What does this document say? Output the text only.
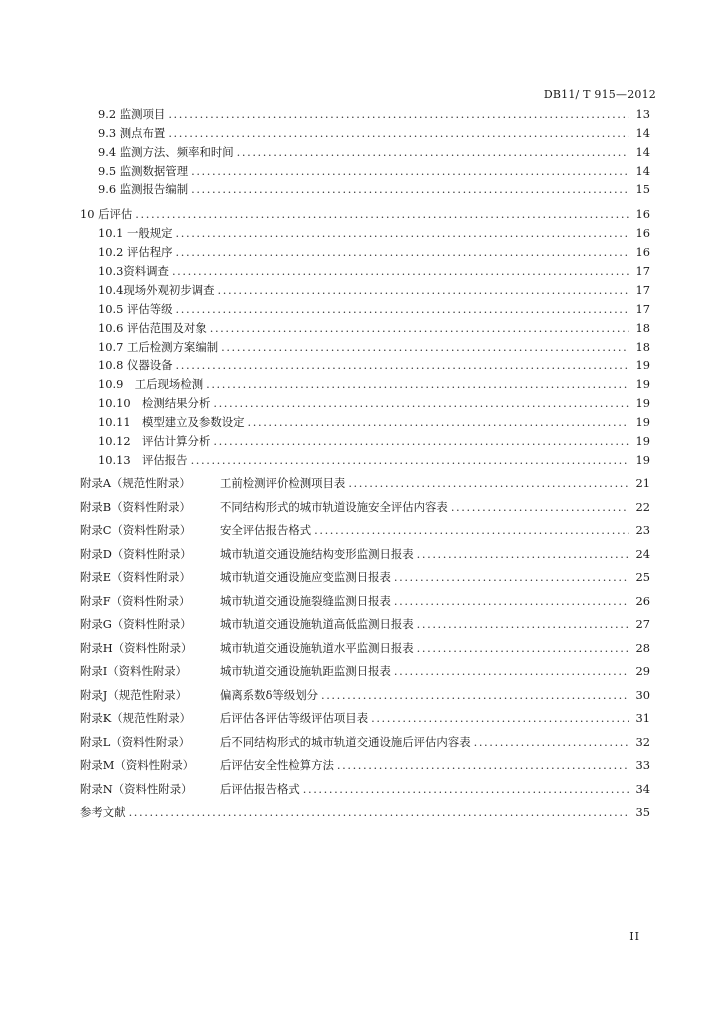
DB11/ T 915—2012
9.2 监测项目 .....	13
9.3 测点布置 .....	14
9.4 监测方法、频率和时间 .....	14
9.5 监测数据管理 .....	14
9.6 监测报告编制 .....	15
10 后评估 .....	16
10.1 一般规定 .....	16
10.2 评估程序 .....	16
10.3资料调查 .....	17
10.4现场外观初步调查 .....	17
10.5 评估等级 .....	17
10.6 评估范围及对象 .....	18
10.7 工后检测方案编制 .....	18
10.8 仪器设备 .....	19
10.9　工后现场检测 .....	19
10.10　检测结果分析 .....	19
10.11　模型建立及参数设定 .....	19
10.12　评估计算分析 .....	19
10.13　评估报告 .....	19
附录A（规范性附录）	工前检测评价检测项目表 .....	21
附录B（资料性附录）	不同结构形式的城市轨道设施安全评估内容表 .....	22
附录C（资料性附录）	安全评估报告格式 .....	23
附录D（资料性附录）	城市轨道交通设施结构变形监测日报表 .....	24
附录E（资料性附录）	城市轨道交通设施应变监测日报表 .....	25
附录F（资料性附录）	城市轨道交通设施裂缝监测日报表 .....	26
附录G（资料性附录）	城市轨道交通设施轨道高低监测日报表 .....	27
附录H（资料性附录）	城市轨道交通设施轨道水平监测日报表 .....	28
附录I（资料性附录）	城市轨道交通设施轨距监测日报表 .....	29
附录J（规范性附录）	偏离系数δ等级划分 .....	30
附录K（规范性附录）	后评估各评估等级评估项目表 .....	31
附录L（资料性附录）	后不同结构形式的城市轨道交通设施后评估内容表 .....	32
附录M（资料性附录）	后评估安全性检算方法 .....	33
附录N（资料性附录）	后评估报告格式 .....	34
参考文献 .....	35
II
